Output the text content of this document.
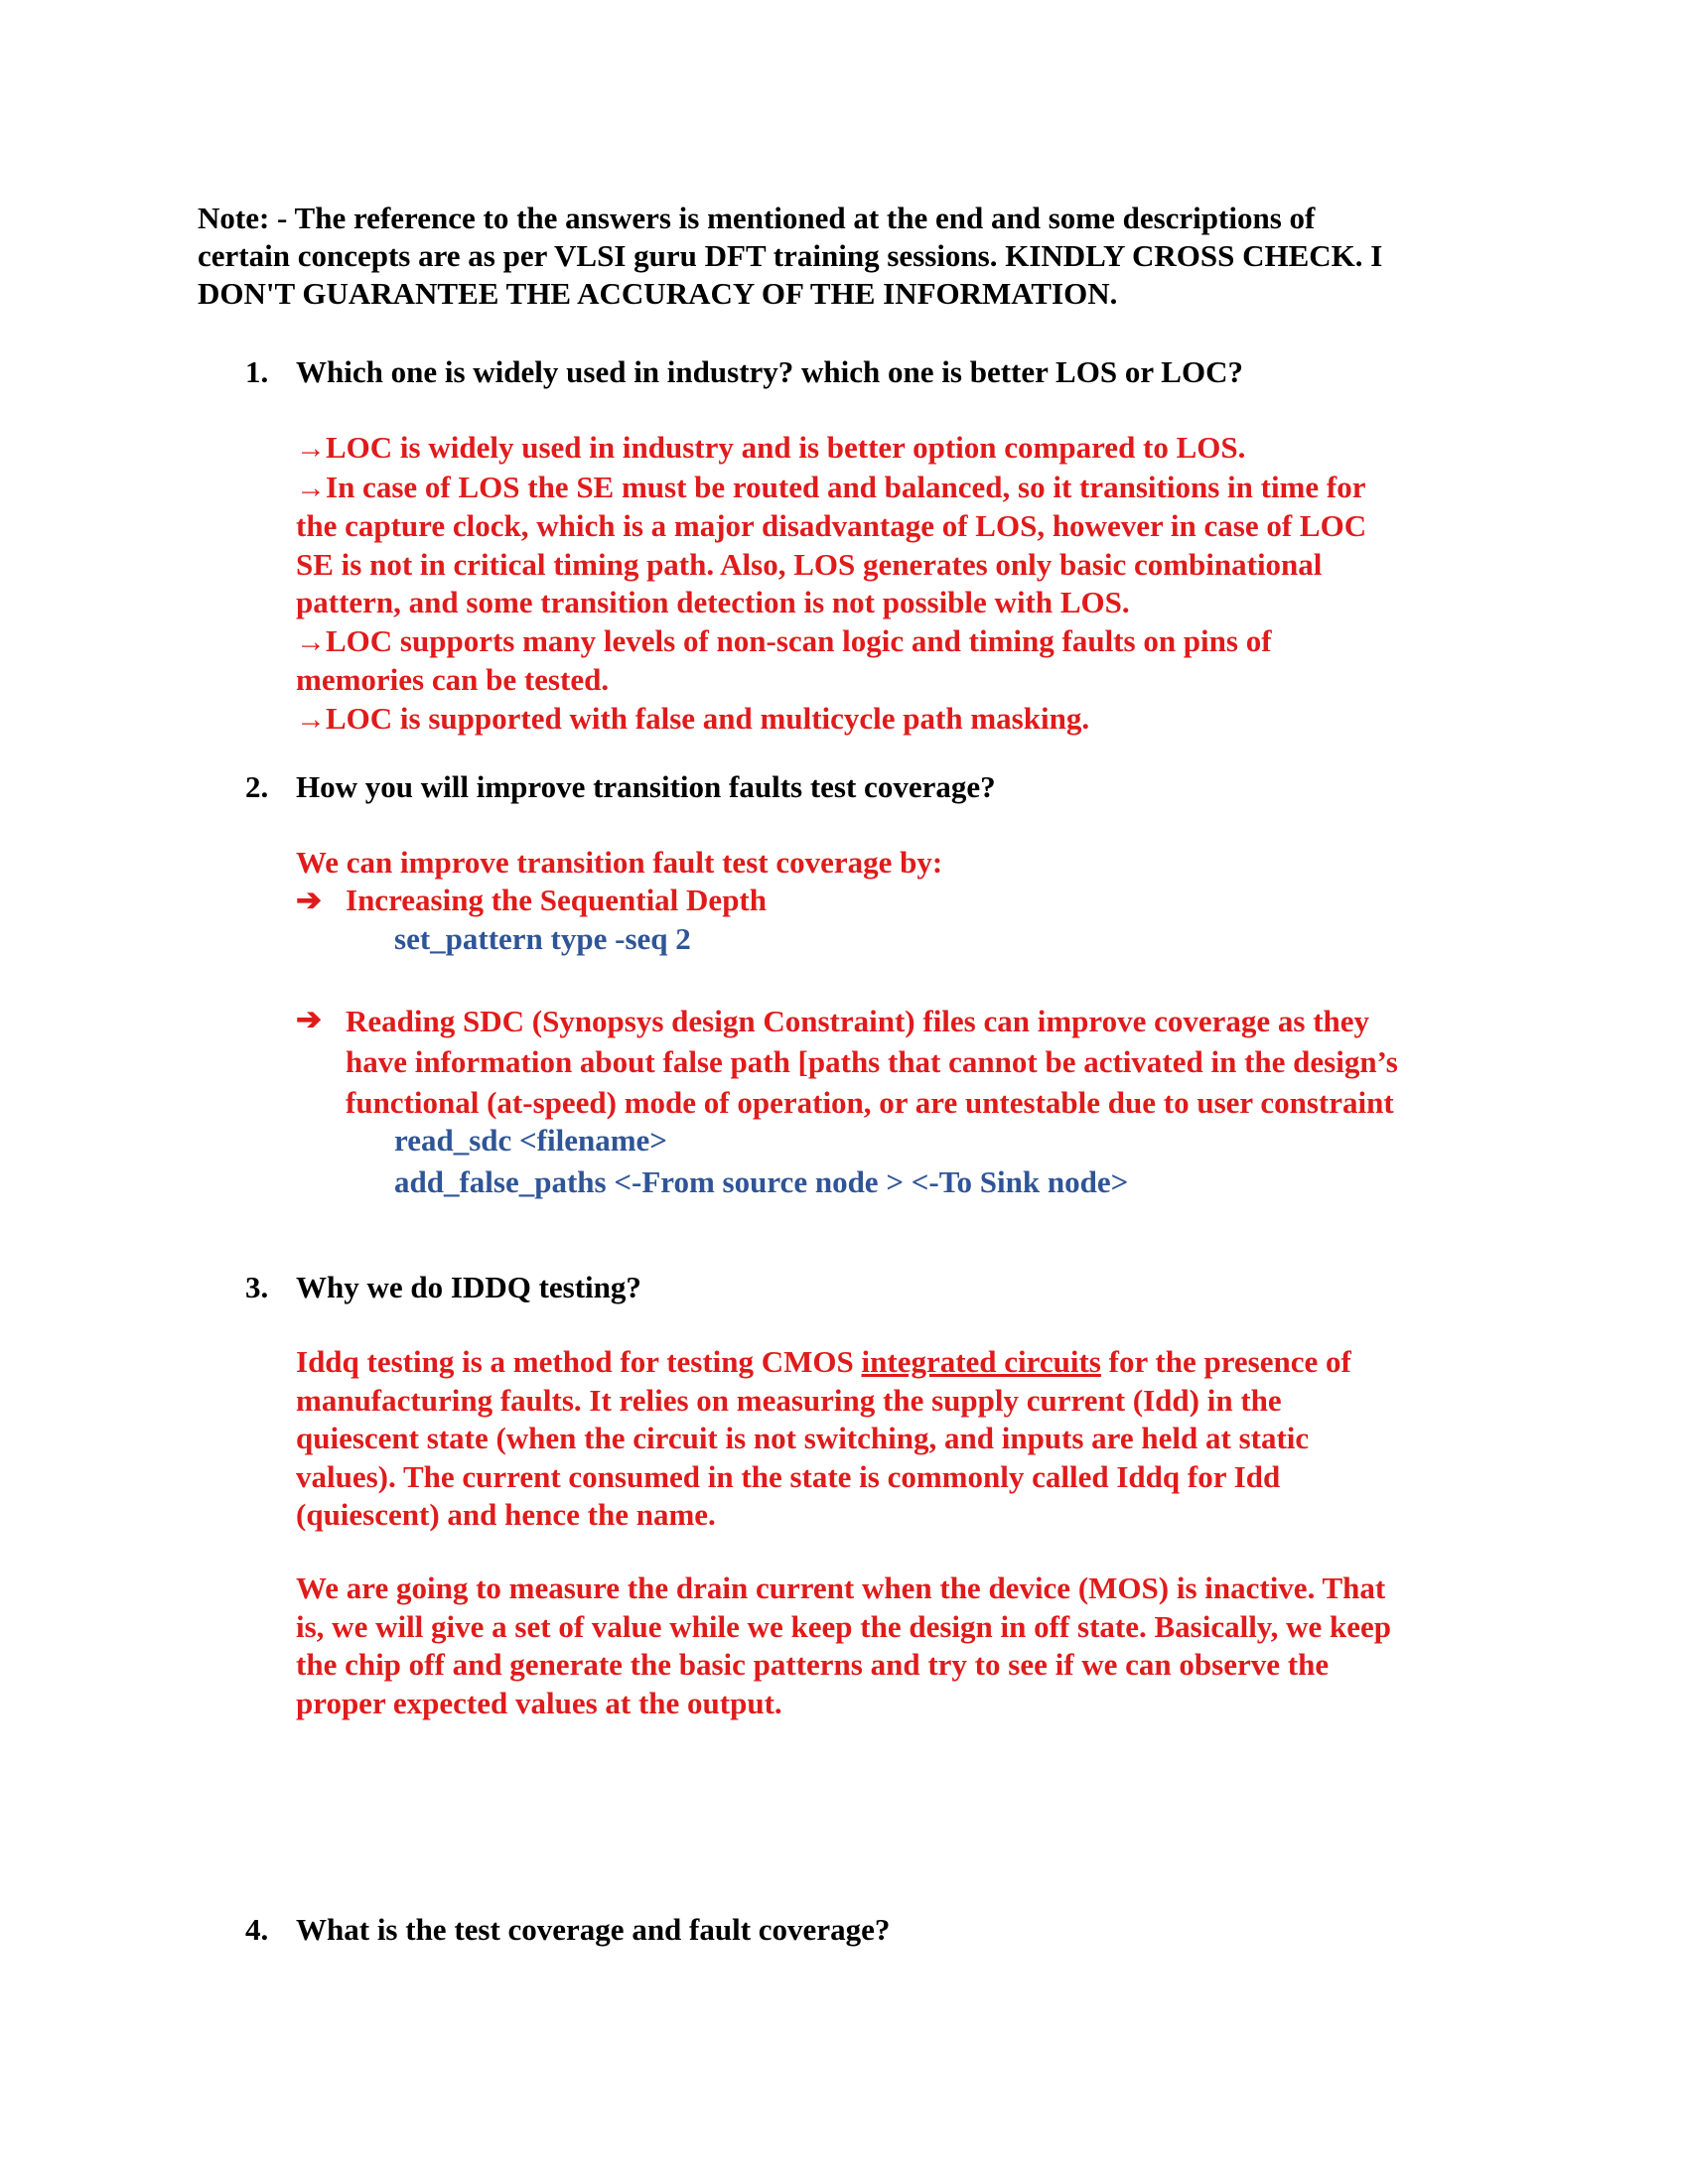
Note: - The reference to the answers is mentioned at the end and some descriptions of
certain concepts are as per VLSI guru DFT training sessions. KINDLY CROSS CHECK. I
DON'T GUARANTEE THE ACCURACY OF THE INFORMATION.
1. Which one is widely used in industry? which one is better LOS or LOC?
→LOC is widely used in industry and is better option compared to LOS.
→In case of LOS the SE must be routed and balanced, so it transitions in time for
the capture clock, which is a major disadvantage of LOS, however in case of LOC
SE is not in critical timing path. Also, LOS generates only basic combinational
pattern, and some transition detection is not possible with LOS.
→LOC supports many levels of non-scan logic and timing faults on pins of
memories can be tested.
→LOC is supported with false and multicycle path masking.
2. How you will improve transition faults test coverage?
We can improve transition fault test coverage by:
➔ Increasing the Sequential Depth
set_pattern type -seq 2
➔ Reading SDC (Synopsys design Constraint) files can improve coverage as they
have information about false path [paths that cannot be activated in the design’s
functional (at-speed) mode of operation, or are untestable due to user constraint
read_sdc <filename>
add_false_paths <-From source node > <-To Sink node>
3. Why we do IDDQ testing?
Iddq testing is a method for testing CMOS integrated circuits for the presence of
manufacturing faults. It relies on measuring the supply current (Idd) in the
quiescent state (when the circuit is not switching, and inputs are held at static
values). The current consumed in the state is commonly called Iddq for Idd
(quiescent) and hence the name.
We are going to measure the drain current when the device (MOS) is inactive. That
is, we will give a set of value while we keep the design in off state. Basically, we keep
the chip off and generate the basic patterns and try to see if we can observe the
proper expected values at the output.
4. What is the test coverage and fault coverage?
